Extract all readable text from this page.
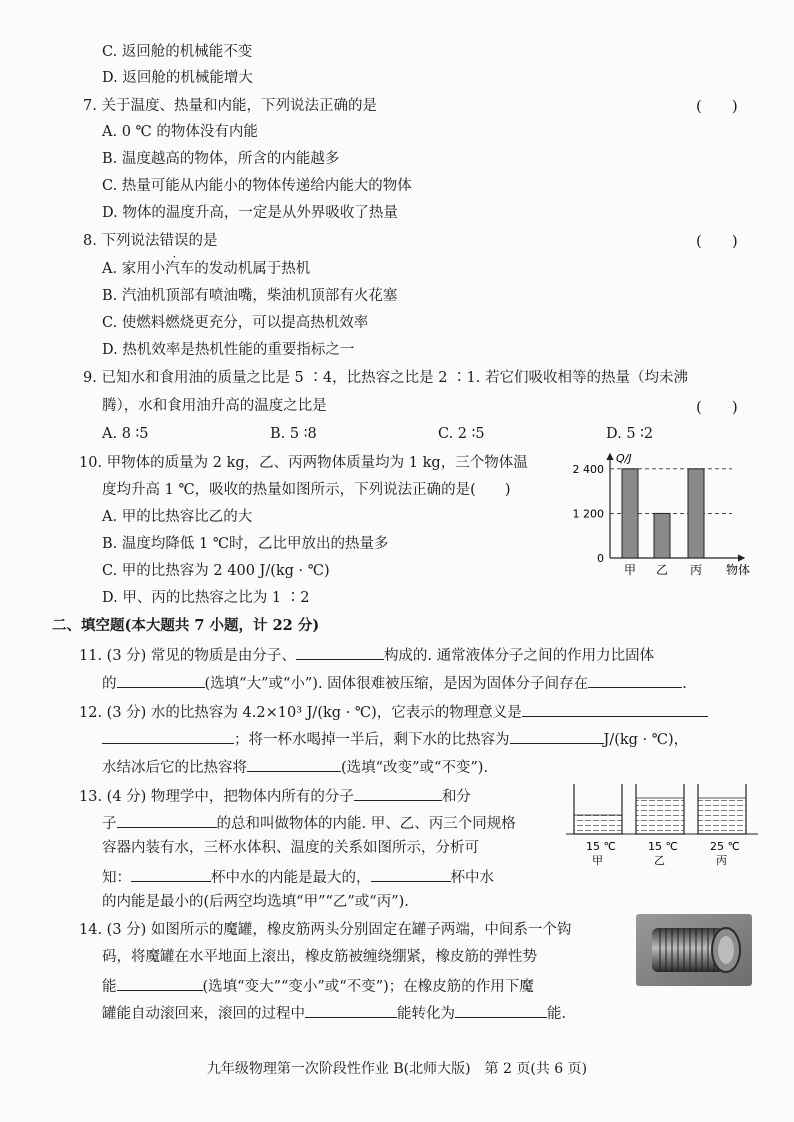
C. 返回舱的机械能不变
D. 返回舱的机械能增大
7. 关于温度、热量和内能，下列说法正确的是	(　　)
A. 0 ℃ 的物体没有内能
B. 温度越高的物体，所含的内能越多
C. 热量可能从内能小的物体传递给内能大的物体
D. 物体的温度升高，一定是从外界吸收了热量
8. 下列说法错误的是	(　　)
A. 家用小汽车的发动机属于热机
B. 汽油机顶部有喷油嘴，柴油机顶部有火花塞
C. 使燃料燃烧更充分，可以提高热机效率
D. 热机效率是热机性能的重要指标之一
9. 已知水和食用油的质量之比是 5 ∶4，比热容之比是 2 ∶1. 若它们吸收相等的热量（均未沸
腾），水和食用油升高的温度之比是	(　　)
A. 8 ∶5	B. 5 ∶8	C. 2 ∶5	D. 5 ∶2
10. 甲物体的质量为 2 kg，乙、丙两物体质量均为 1 kg，三个物体温
度均升高 1 ℃，吸收的热量如图所示，下列说法正确的是(　　)
A. 甲的比热容比乙的大
B. 温度均降低 1 ℃时，乙比甲放出的热量多
C. 甲的比热容为 2 400 J/(kg · ℃)
D. 甲、丙的比热容之比为 1 ∶2
Q/J
物体
0
1 200
2 400
甲 乙 丙
二、填空题(本大题共 7 小题，计 22 分)
11. (3 分) 常见的物质是由分子、	构成的. 通常液体分子之间的作用力比固体
的	(选填“大”或“小”). 固体很难被压缩，是因为固体分子间存在	.
12. (3 分) 水的比热容为 4.2×10³ J/(kg · ℃)，它表示的物理意义是
；将一杯水喝掉一半后，剩下水的比热容为	J/(kg · ℃)，
水结冰后它的比热容将	(选填“改变”或“不变”).
13. (4 分) 物理学中，把物体内所有的分子	和分
子	的总和叫做物体的内能. 甲、乙、丙三个同规格
容器内装有水，三杯水体积、温度的关系如图所示，分析可
知：	杯中水的内能是最大的，	杯中水
的内能是最小的(后两空均选填“甲”“乙”或“丙”).
15 ℃
甲
15 ℃
乙
25 ℃
丙
14. (3 分) 如图所示的魔罐，橡皮筋两头分别固定在罐子两端，中间系一个钩
码，将魔罐在水平地面上滚出，橡皮筋被缠绕绷紧，橡皮筋的弹性势
能	(选填“变大”“变小”或“不变”)；在橡皮筋的作用下魔
罐能自动滚回来，滚回的过程中	能转化为	能.
九年级物理第一次阶段性作业 B(北师大版)　第 2 页(共 6 页)
